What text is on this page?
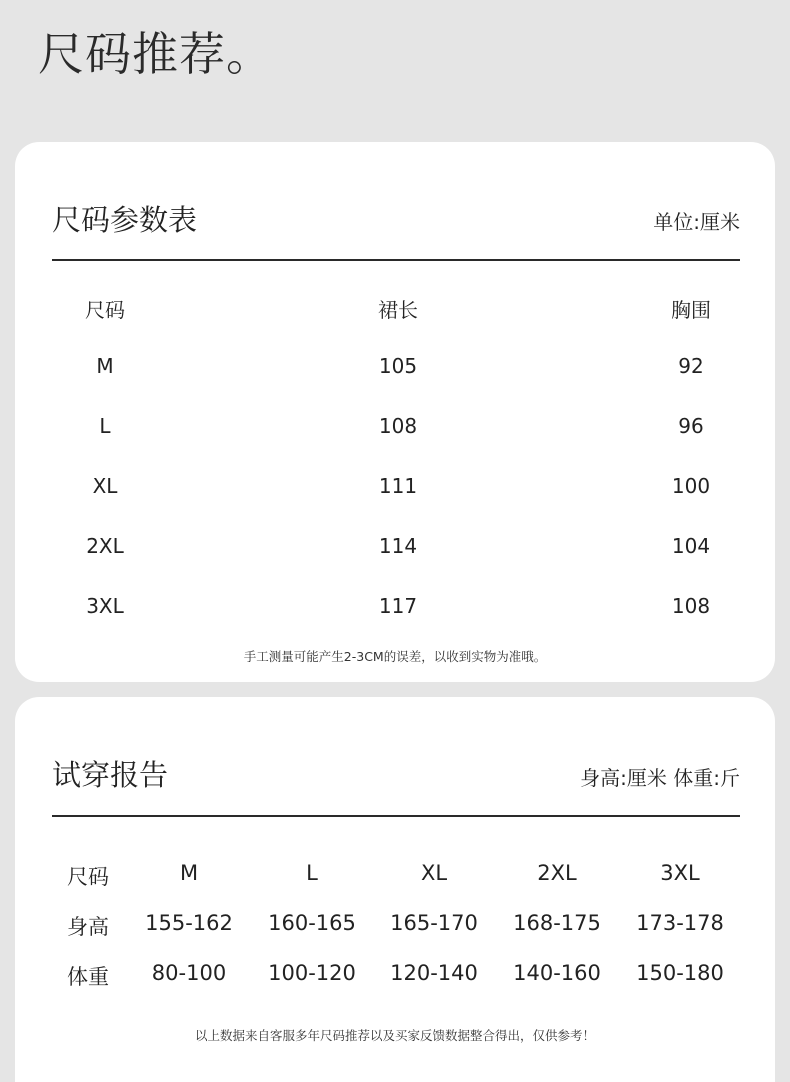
尺码推荐。
尺码参数表	单位:厘米
尺码	裙长	胸围
M	105	92
L	108	96
XL	111	100
2XL	114	104
3XL	117	108
手工测量可能产生2-3CM的误差，以收到实物为准哦。
试穿报告	身高:厘米 体重:斤
尺码	M	L	XL	2XL	3XL
身高 155-162 160-165 165-170 168-175 173-178
体重 80-100 100-120 120-140 140-160 150-180
以上数据来自客服多年尺码推荐以及买家反馈数据整合得出，仅供参考！
